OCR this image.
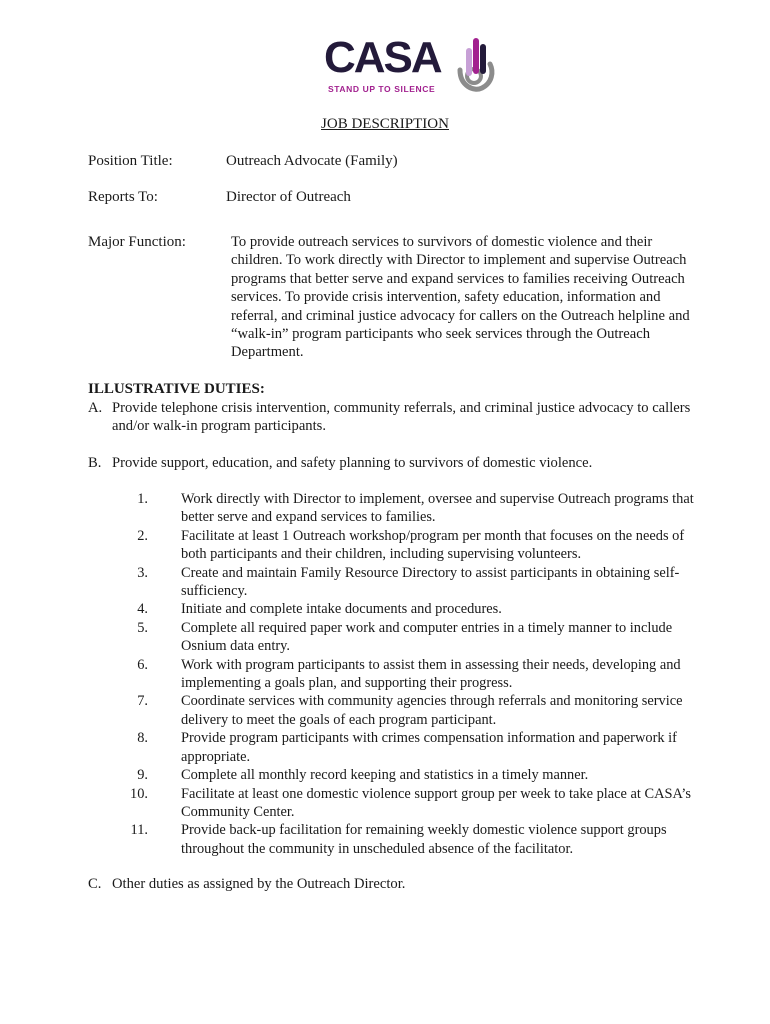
CASA
STAND UP TO SILENCE
JOB DESCRIPTION
Position Title:	Outreach Advocate (Family)
Reports To:	Director of Outreach
Major Function:	To provide outreach services to survivors of domestic violence and their children. To work directly with Director to implement and supervise Outreach programs that better serve and expand services to families receiving Outreach services. To provide crisis intervention, safety education, information and referral, and criminal justice advocacy for callers on the Outreach helpline and “walk-in” program participants who seek services through the Outreach Department.
ILLUSTRATIVE DUTIES:
A. Provide telephone crisis intervention, community referrals, and criminal justice advocacy to callers and/or walk-in program participants.
B. Provide support, education, and safety planning to survivors of domestic violence.
1. Work directly with Director to implement, oversee and supervise Outreach programs that better serve and expand services to families.
2. Facilitate at least 1 Outreach workshop/program per month that focuses on the needs of both participants and their children, including supervising volunteers.
3. Create and maintain Family Resource Directory to assist participants in obtaining self-sufficiency.
4. Initiate and complete intake documents and procedures.
5. Complete all required paper work and computer entries in a timely manner to include Osnium data entry.
6. Work with program participants to assist them in assessing their needs, developing and implementing a goals plan, and supporting their progress.
7. Coordinate services with community agencies through referrals and monitoring service delivery to meet the goals of each program participant.
8. Provide program participants with crimes compensation information and paperwork if appropriate.
9. Complete all monthly record keeping and statistics in a timely manner.
10. Facilitate at least one domestic violence support group per week to take place at CASA’s Community Center.
11. Provide back-up facilitation for remaining weekly domestic violence support groups throughout the community in unscheduled absence of the facilitator.
C. Other duties as assigned by the Outreach Director.
